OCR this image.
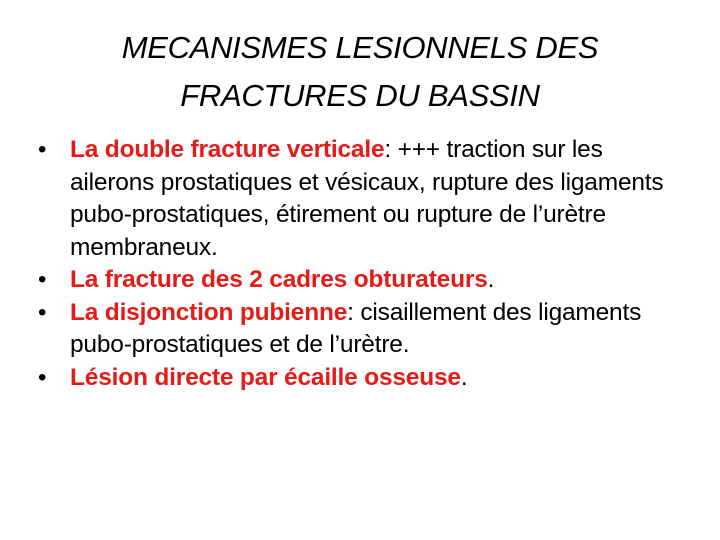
MECANISMES LESIONNELS DES
FRACTURES DU BASSIN
• La double fracture verticale: +++ traction sur les ailerons prostatiques et vésicaux, rupture des ligaments pubo-prostatiques, étirement ou rupture de l’urètre membraneux.
• La fracture des 2 cadres obturateurs.
• La disjonction pubienne: cisaillement des ligaments pubo-prostatiques et de l’urètre.
• Lésion directe par écaille osseuse.
